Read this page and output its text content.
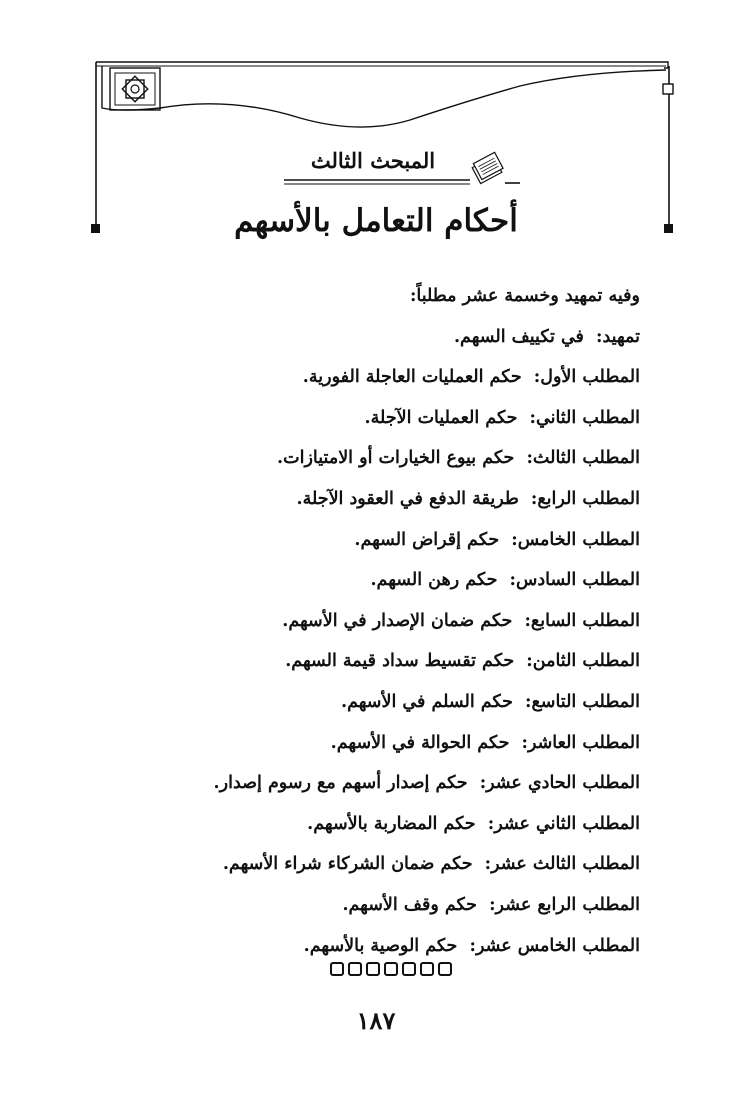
المبحث الثالث
أحكام التعامل بالأسهم
وفيه تمهيد وخسمة عشر مطلباً:
تمهيد: في تكييف السهم.
المطلب الأول: حكم العمليات العاجلة الفورية.
المطلب الثاني: حكم العمليات الآجلة.
المطلب الثالث: حكم بيوع الخيارات أو الامتيازات.
المطلب الرابع: طريقة الدفع في العقود الآجلة.
المطلب الخامس: حكم إقراض السهم.
المطلب السادس: حكم رهن السهم.
المطلب السابع: حكم ضمان الإصدار في الأسهم.
المطلب الثامن: حكم تقسيط سداد قيمة السهم.
المطلب التاسع: حكم السلم في الأسهم.
المطلب العاشر: حكم الحوالة في الأسهم.
المطلب الحادي عشر: حكم إصدار أسهم مع رسوم إصدار.
المطلب الثاني عشر: حكم المضاربة بالأسهم.
المطلب الثالث عشر: حكم ضمان الشركاء شراء الأسهم.
المطلب الرابع عشر: حكم وقف الأسهم.
المطلب الخامس عشر: حكم الوصية بالأسهم.
١٨٧
